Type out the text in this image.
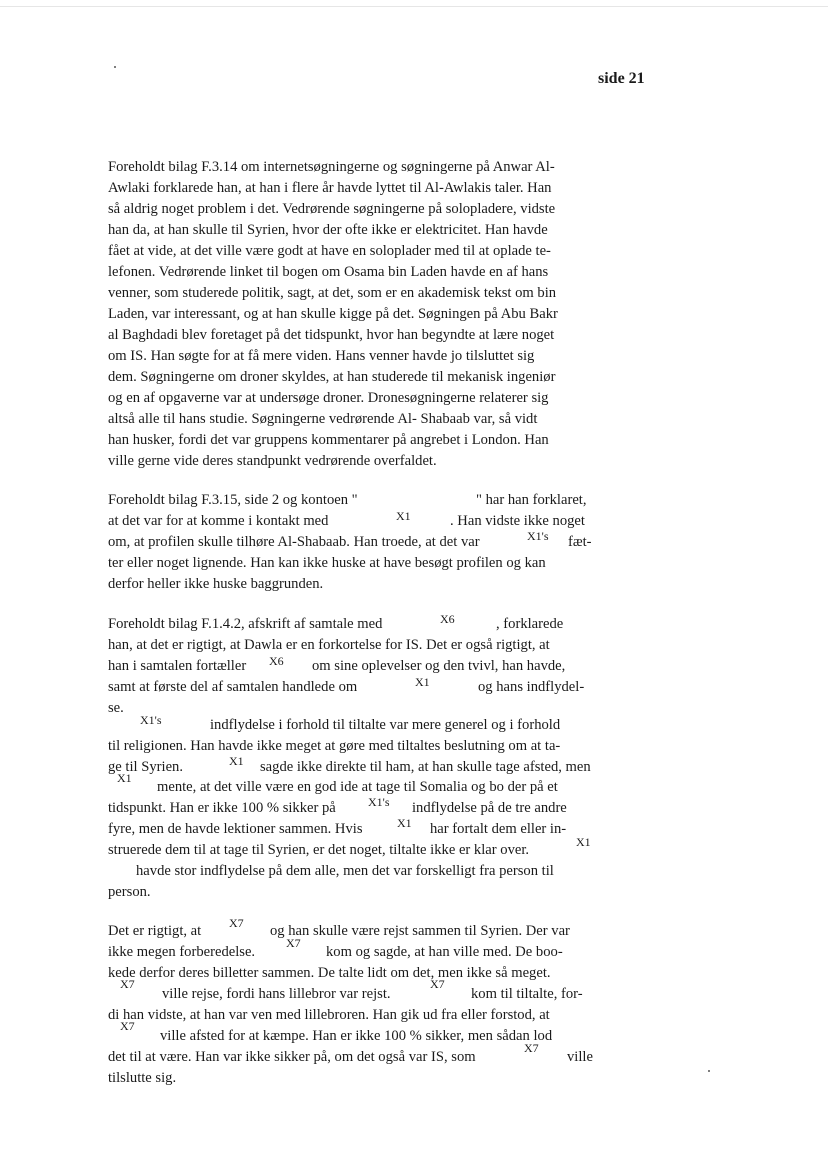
side 21
Foreholdt bilag F.3.14 om internetsøgningerne og søgningerne på Anwar Al-
Awlaki forklarede han, at han i flere år havde lyttet til Al-Awlakis taler. Han
så aldrig noget problem i det. Vedrørende søgningerne på solopladere, vidste
han da, at han skulle til Syrien, hvor der ofte ikke er elektricitet. Han havde
fået at vide, at det ville være godt at have en soloplader med til at oplade te-
lefonen. Vedrørende linket til bogen om Osama bin Laden havde en af hans
venner, som studerede politik, sagt, at det, som er en akademisk tekst om bin
Laden, var interessant, og at han skulle kigge på det. Søgningen på Abu Bakr
al Baghdadi blev foretaget på det tidspunkt, hvor han begyndte at lære noget
om IS. Han søgte for at få mere viden. Hans venner havde jo tilsluttet sig
dem. Søgningerne om droner skyldes, at han studerede til mekanisk ingeniør
og en af opgaverne var at undersøge droner. Dronesøgningerne relaterer sig
altså alle til hans studie. Søgningerne vedrørende Al- Shabaab var, så vidt
han husker, fordi det var gruppens kommentarer på angrebet i London. Han
ville gerne vide deres standpunkt vedrørende overfaldet.
Foreholdt bilag F.3.15, side 2 og kontoen "	" har han forklaret,
at det var for at komme i kontakt med	X1	. Han vidste ikke noget
om, at profilen skulle tilhøre Al-Shabaab. Han troede, at det var	X1's fæt-
ter eller noget lignende. Han kan ikke huske at have besøgt profilen og kan
derfor heller ikke huske baggrunden.
Foreholdt bilag F.1.4.2, afskrift af samtale med	X6	, forklarede
han, at det er rigtigt, at Dawla er en forkortelse for IS. Det er også rigtigt, at
han i samtalen fortæller X6 om sine oplevelser og den tvivl, han havde,
samt at første del af samtalen handlede om	X1	og hans indflydel-
se.
X1's	indflydelse i forhold til tiltalte var mere generel og i forhold
til religionen. Han havde ikke meget at gøre med tiltaltes beslutning om at ta-
ge til Syrien.	X1 sagde ikke direkte til ham, at han skulle tage afsted, men
X1
mente, at det ville være en god ide at tage til Somalia og bo der på et
tidspunkt. Han er ikke 100 % sikker på	X1's indflydelse på de tre andre
fyre, men de havde lektioner sammen. Hvis	X1 har fortalt dem eller in-
struerede dem til at tage til Syrien, er det noget, tiltalte ikke er klar over.	X1
havde stor indflydelse på dem alle, men det var forskelligt fra person til
person.
Det er rigtigt, at X7 og han skulle være rejst sammen til Syrien. Der var
ikke megen forberedelse.
X7
kom og sagde, at han ville med. De boo-
kede derfor deres billetter sammen. De talte lidt om det, men ikke så meget.
X7
ville rejse, fordi hans lillebror var rejst.
X7
kom til tiltalte, for-
di han vidste, at han var ven med lillebroren. Han gik ud fra eller forstod, at
X7
ville afsted for at kæmpe. Han er ikke 100 % sikker, men sådan lod
det til at være. Han var ikke sikker på, om det også var IS, som
X7
ville
tilslutte sig.
